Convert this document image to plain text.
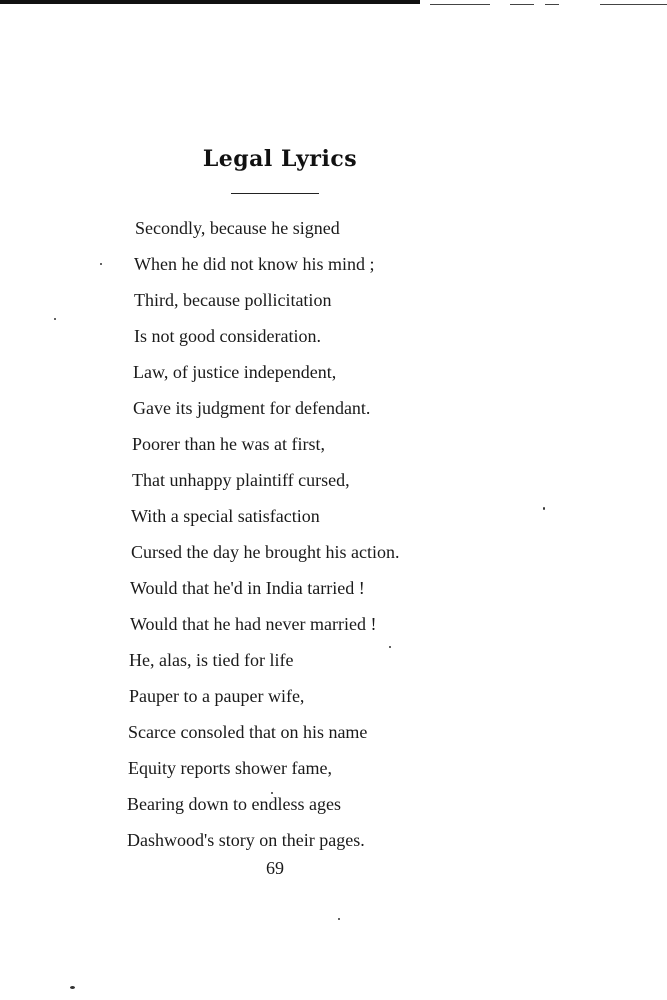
Legal Lyrics
Secondly, because he signed
When he did not know his mind ;
Third, because pollicitation
Is not good consideration.
Law, of justice independent,
Gave its judgment for defendant.
Poorer than he was at first,
That unhappy plaintiff cursed,
With a special satisfaction
Cursed the day he brought his action.
Would that he'd in India tarried !
Would that he had never married !
He, alas, is tied for life
Pauper to a pauper wife,
Scarce consoled that on his name
Equity reports shower fame,
Bearing down to endless ages
Dashwood's story on their pages.
69
